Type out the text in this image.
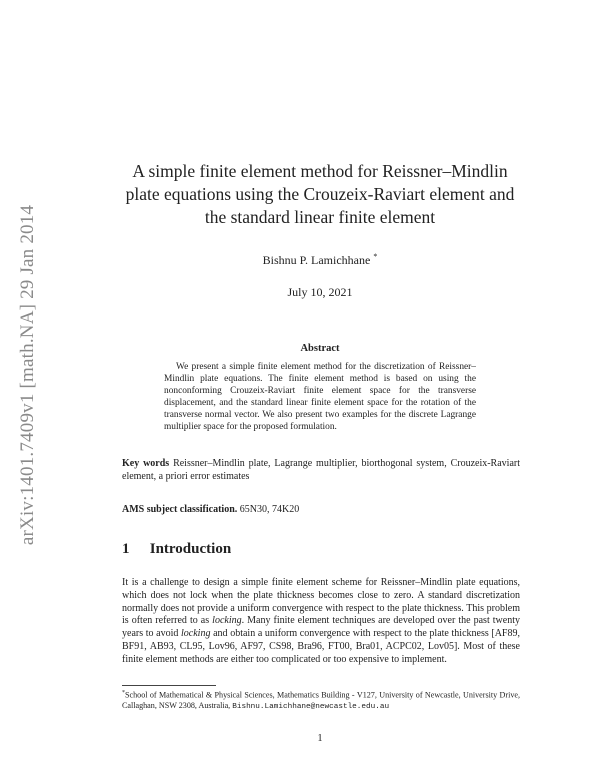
arXiv:1401.7409v1 [math.NA] 29 Jan 2014
A simple finite element method for Reissner–Mindlin
plate equations using the Crouzeix-Raviart element and
the standard linear finite element
Bishnu P. Lamichhane *
July 10, 2021
Abstract
We present a simple finite element method for the discretization of Reissner–Mindlin plate equations. The finite element method is based on using the nonconforming Crouzeix-Raviart finite element space for the transverse displacement, and the standard linear finite element space for the rotation of the transverse normal vector. We also present two examples for the discrete Lagrange multiplier space for the proposed formulation.
Key words Reissner–Mindlin plate, Lagrange multiplier, biorthogonal system, Crouzeix-Raviart element, a priori error estimates
AMS subject classification. 65N30, 74K20
1 Introduction
It is a challenge to design a simple finite element scheme for Reissner–Mindlin plate equations, which does not lock when the plate thickness becomes close to zero. A standard discretization normally does not provide a uniform convergence with respect to the plate thickness. This problem is often referred to as locking. Many finite element techniques are developed over the past twenty years to avoid locking and obtain a uniform convergence with respect to the plate thickness [AF89, BF91, AB93, CL95, Lov96, AF97, CS98, Bra96, FT00, Bra01, ACPC02, Lov05]. Most of these finite element methods are either too complicated or too expensive to implement.
*School of Mathematical & Physical Sciences, Mathematics Building - V127, University of Newcastle, University Drive, Callaghan, NSW 2308, Australia, Bishnu.Lamichhane@newcastle.edu.au
1
